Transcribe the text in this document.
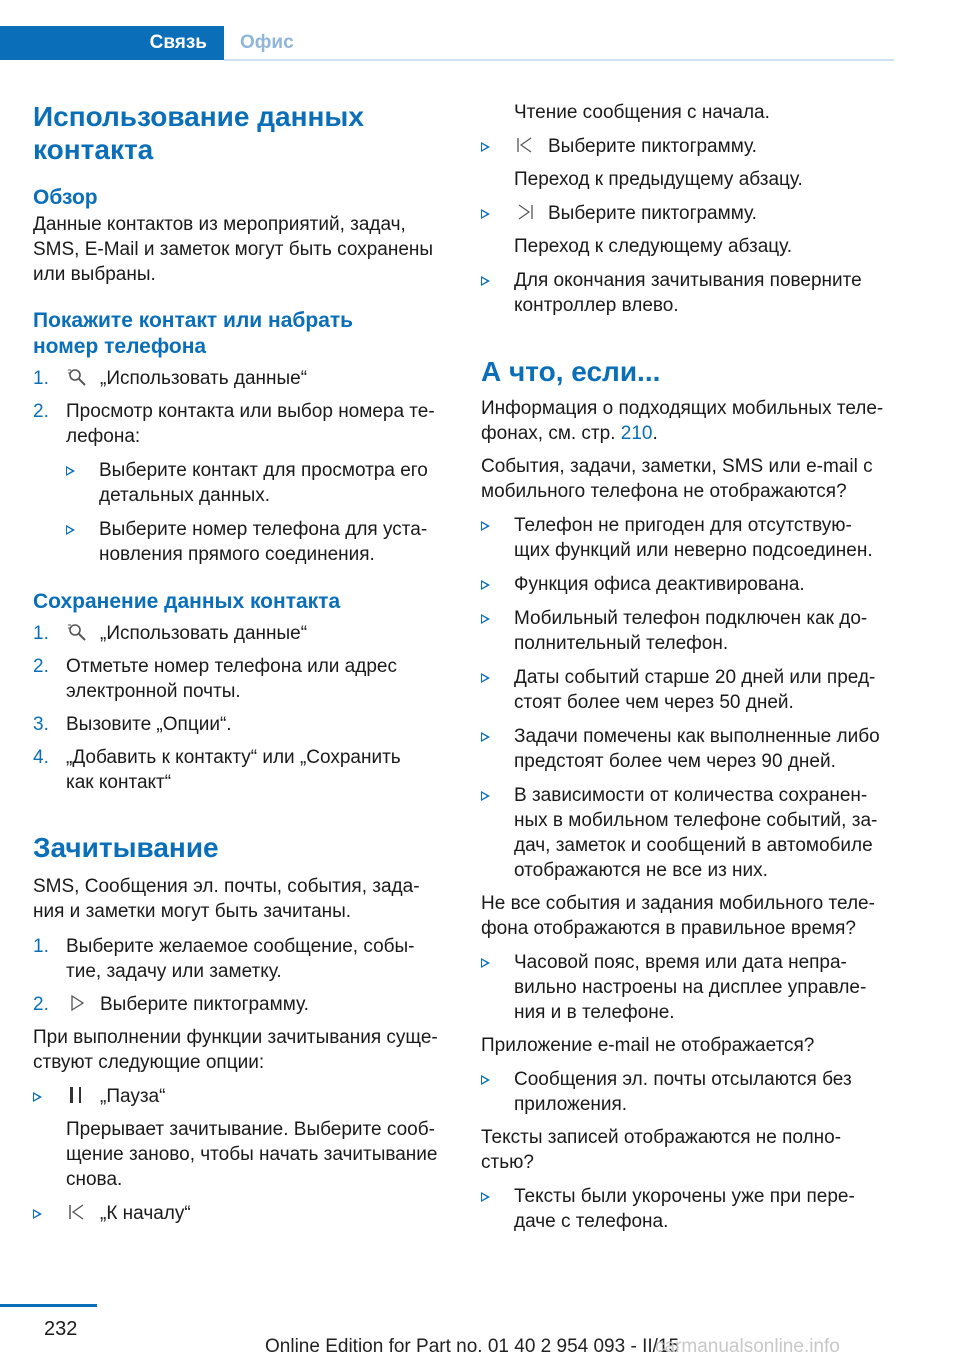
Связь	Офис
Использование данных
контакта
Обзор

Данные контактов из мероприятий, задач,
SMS, E-Mail и заметок могут быть сохранены
или выбраны.

Покажите контакт или набрать
номер телефона
1.	„Использовать данные“
2. Просмотр контакта или выбор номера те-
лефона:
Выберите контакт для просмотра его
детальных данных.
Выберите номер телефона для уста-
новления прямого соединения.
Сохранение данных контакта
1.	„Использовать данные“
2. Отметьте номер телефона или адрес
электронной почты.
3. Вызовите „Опции“.
4. „Добавить к контакту“ или „Сохранить
как контакт“
Зачитывание

SMS, Сообщения эл. почты, события, зада-
ния и заметки могут быть зачитаны.

1. Выберите желаемое сообщение, собы-
тие, задачу или заметку.
2.	Выберите пиктограмму.

При выполнении функции зачитывания суще-
ствуют следующие опции:

„Пауза“
Прерывает зачитывание. Выберите сооб-
щение заново, чтобы начать зачитывание
снова.
„К началу“

Чтение сообщения с начала.

Выберите пиктограмму.
Переход к предыдущему абзацу.
Выберите пиктограмму.
Переход к следующему абзацу.
Для окончания зачитывания поверните
контроллер влево.
А что, если...

Информация о подходящих мобильных теле-
фонах, см. стр. 210.

События, задачи, заметки, SMS или e-mail с
мобильного телефона не отображаются?

Телефон не пригоден для отсутствую-
щих функций или неверно подсоединен.
Функция офиса деактивирована.
Мобильный телефон подключен как до-
полнительный телефон.
Даты событий старше 20 дней или пред-
стоят более чем через 50 дней.
Задачи помечены как выполненные либо
предстоят более чем через 90 дней.
В зависимости от количества сохранен-
ных в мобильном телефоне событий, за-
дач, заметок и сообщений в автомобиле
отображаются не все из них.

Не все события и задания мобильного теле-
фона отображаются в правильное время?

Часовой пояс, время или дата непра-
вильно настроены на дисплее управле-
ния и в телефоне.

Приложение e-mail не отображается?

Сообщения эл. почты отсылаются без
приложения.

Тексты записей отображаются не полно-
стью?

Тексты были укорочены уже при пере-
даче с телефона.
232
Online Edition for Part no. 01 40 2 954 093 - II/15
carmanualsonline.info
